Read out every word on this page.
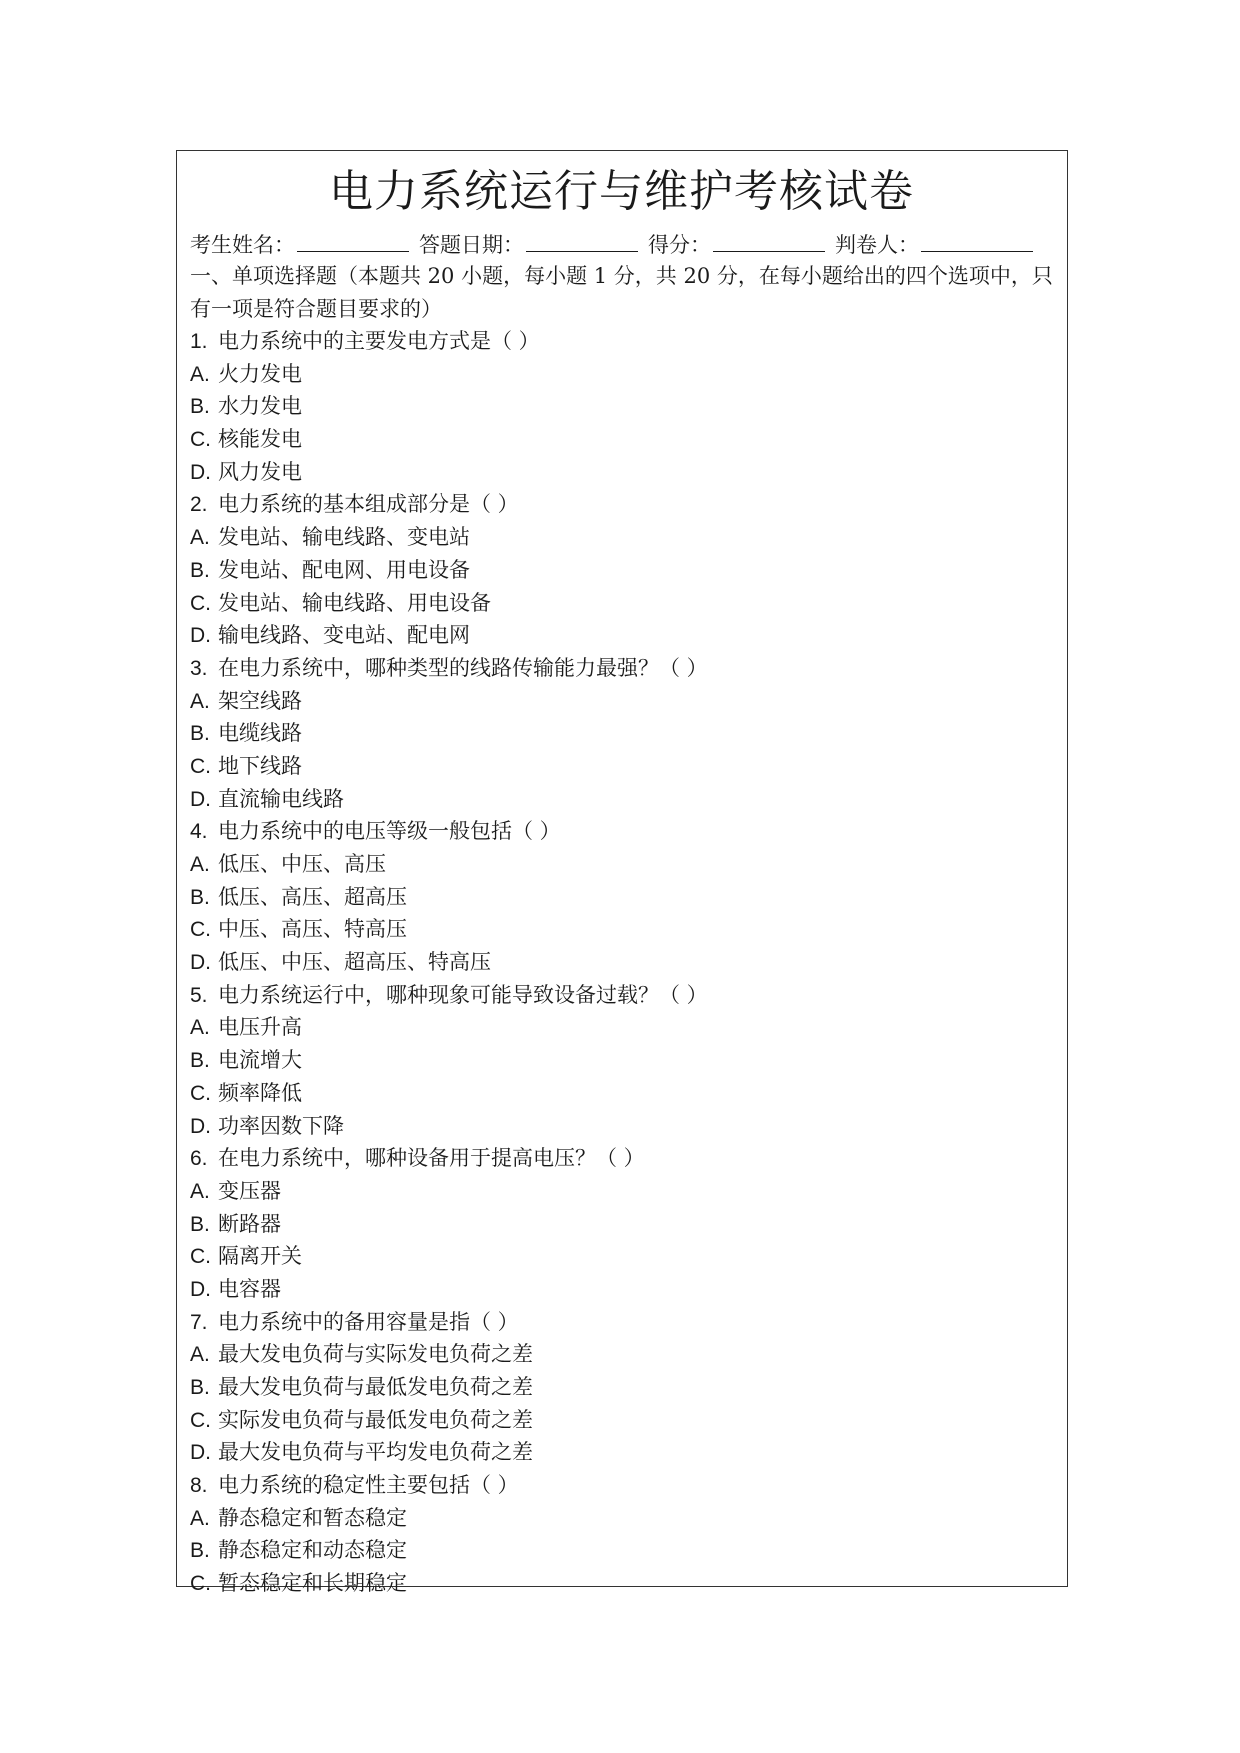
电力系统运行与维护考核试卷
考生姓名：	答题日期：	得分：	判卷人：
一、单项选择题（本题共 20 小题，每小题 1 分，共 20 分，在每小题给出的四个选项中，只有一项是符合题目要求的）
1. 电力系统中的主要发电方式是（ ）
A. 火力发电
B. 水力发电
C. 核能发电
D. 风力发电
2. 电力系统的基本组成部分是（ ）
A. 发电站、输电线路、变电站
B. 发电站、配电网、用电设备
C. 发电站、输电线路、用电设备
D. 输电线路、变电站、配电网
3. 在电力系统中，哪种类型的线路传输能力最强？（ ）
A. 架空线路
B. 电缆线路
C. 地下线路
D. 直流输电线路
4. 电力系统中的电压等级一般包括（ ）
A. 低压、中压、高压
B. 低压、高压、超高压
C. 中压、高压、特高压
D. 低压、中压、超高压、特高压
5. 电力系统运行中，哪种现象可能导致设备过载？（ ）
A. 电压升高
B. 电流增大
C. 频率降低
D. 功率因数下降
6. 在电力系统中，哪种设备用于提高电压？（ ）
A. 变压器
B. 断路器
C. 隔离开关
D. 电容器
7. 电力系统中的备用容量是指（ ）
A. 最大发电负荷与实际发电负荷之差
B. 最大发电负荷与最低发电负荷之差
C. 实际发电负荷与最低发电负荷之差
D. 最大发电负荷与平均发电负荷之差
8. 电力系统的稳定性主要包括（ ）
A. 静态稳定和暂态稳定
B. 静态稳定和动态稳定
C. 暂态稳定和长期稳定
